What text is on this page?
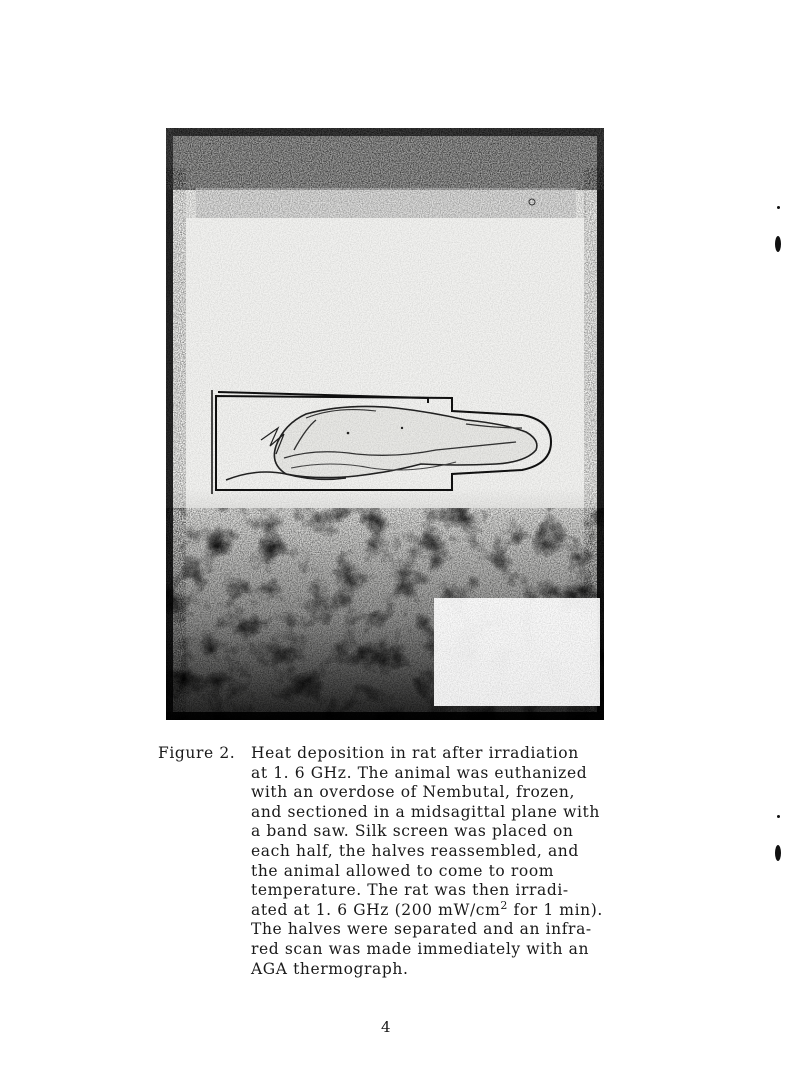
Figure 2. Heat deposition in rat after irradiation
at 1. 6 GHz. The animal was euthanized
with an overdose of Nembutal, frozen,
and sectioned in a midsagittal plane with
a band saw. Silk screen was placed on
each half, the halves reassembled, and
the animal allowed to come to room
temperature. The rat was then irradi-
ated at 1. 6 GHz (200 $mW/cm^2$ for 1 min).
The halves were separated and an infra-
red scan was made immediately with an
AGA thermograph.
4
